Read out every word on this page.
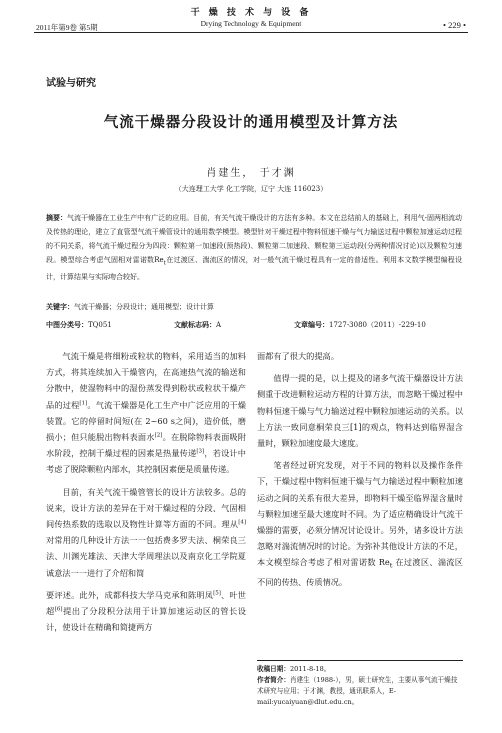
干 燥 技 术 与 设 备
Drying Technology & Equipment
2011年第9卷 第5期	• 229 •
试验与研究
气流干燥器分段设计的通用模型及计算方法
肖建生， 于才渊
（大连理工大学 化工学院，辽宁 大连 116023）
摘要：气流干燥器在工业生产中有广泛的应用。目前，有关气流干燥设计的方法有多种。本文在总结前人的基础上，利用气-固两相流动及传热的理论，建立了直管型气流干燥管设计的通用数学模型。模型针对干燥过程中物料恒速干燥与气力输送过程中颗粒加速运动过程的不同关系，将气流干燥过程分为四段：颗粒第一加速段(预热段)、颗粒第二加速段、颗粒第三运动段(分两种情况讨论)以及颗粒匀速段。模型综合考虑气固相对雷诺数$Re_t$在过渡区、湍流区的情况，对一般气流干燥过程具有一定的普适性。利用本文数学模型编程设计，计算结果与实际吻合较好。
关键字：气流干燥器；分段设计；通用模型；设计计算
中图分类号：TQ051	文献标志码：A	文章编号：1727-3080（2011）-229-10

气流干燥是将细粉或粒状的物料，采用适当的加料方式，将其连续加入干燥管内，在高速热气流的输送和分散中，使湿物料中的湿份蒸发得到粉状或粒状干燥产品的过程[1]。气流干燥器是化工生产中广泛应用的干燥装置。它的停留时间短(在 2~60 s之间)，造价低，磨损小；但只能脱出物料表面水[2]。在脱除物料表面吸附水阶段，控制干燥过程的因素是热量传递[3]，若设计中考虑了脱除颗粒内部水，其控制因素便是质量传递。

目前，有关气流干燥管管长的设计方法较多。总的说来，设计方法的差异在于对干燥过程的分段、气固相间传热系数的选取以及物性计算等方面的不同。理从[4]对常用的几种设计方法一一包括费多罗夫法、桐荣良三法、川渊光雄法、天津大学周理法以及南京化工学院夏诚意法一一进行了介绍和简

要评述。此外，成都科技大学马克承和陈明凤[5]、叶世超[6]提出了分段积分法用于计算加速运动区的管长设计，使设计在精确和简捷两方

面都有了很大的提高。

值得一提的是，以上提及的诸多气流干燥器设计方法侧重于改进颗粒运动方程的计算方法，而忽略干燥过程中物料恒速干燥与气力输送过程中颗粒加速运动的关系。以上方法一致同意桐荣良三[1]的观点，物料达到临界湿含量时，颗粒加速度最大速度。

笔者经过研究发现，对于不同的物料以及操作条件下，干燥过程中物料恒速干燥与气力输送过程中颗粒加速运动之间的关系有很大差异，即物料干燥至临界湿含量时与颗粒加速至最大速度时不同。为了适应精确设计气流干燥器的需要，必须分情况讨论设计。另外，诸多设计方法忽略对湍流情况时的讨论。为弥补其他设计方法的不足，本文模型综合考虑了相对雷诺数 $Re_t$ 在过渡区、湍流区不同的传热、传质情况。

收稿日期：2011-8-18。

作者简介：肖建生（1988-），男，硕士研究生，主要从事气流干燥技术研究与应用；于才渊，教授，通讯联系人，E-mail:yucaiyuan@dlut.edu.cn。
